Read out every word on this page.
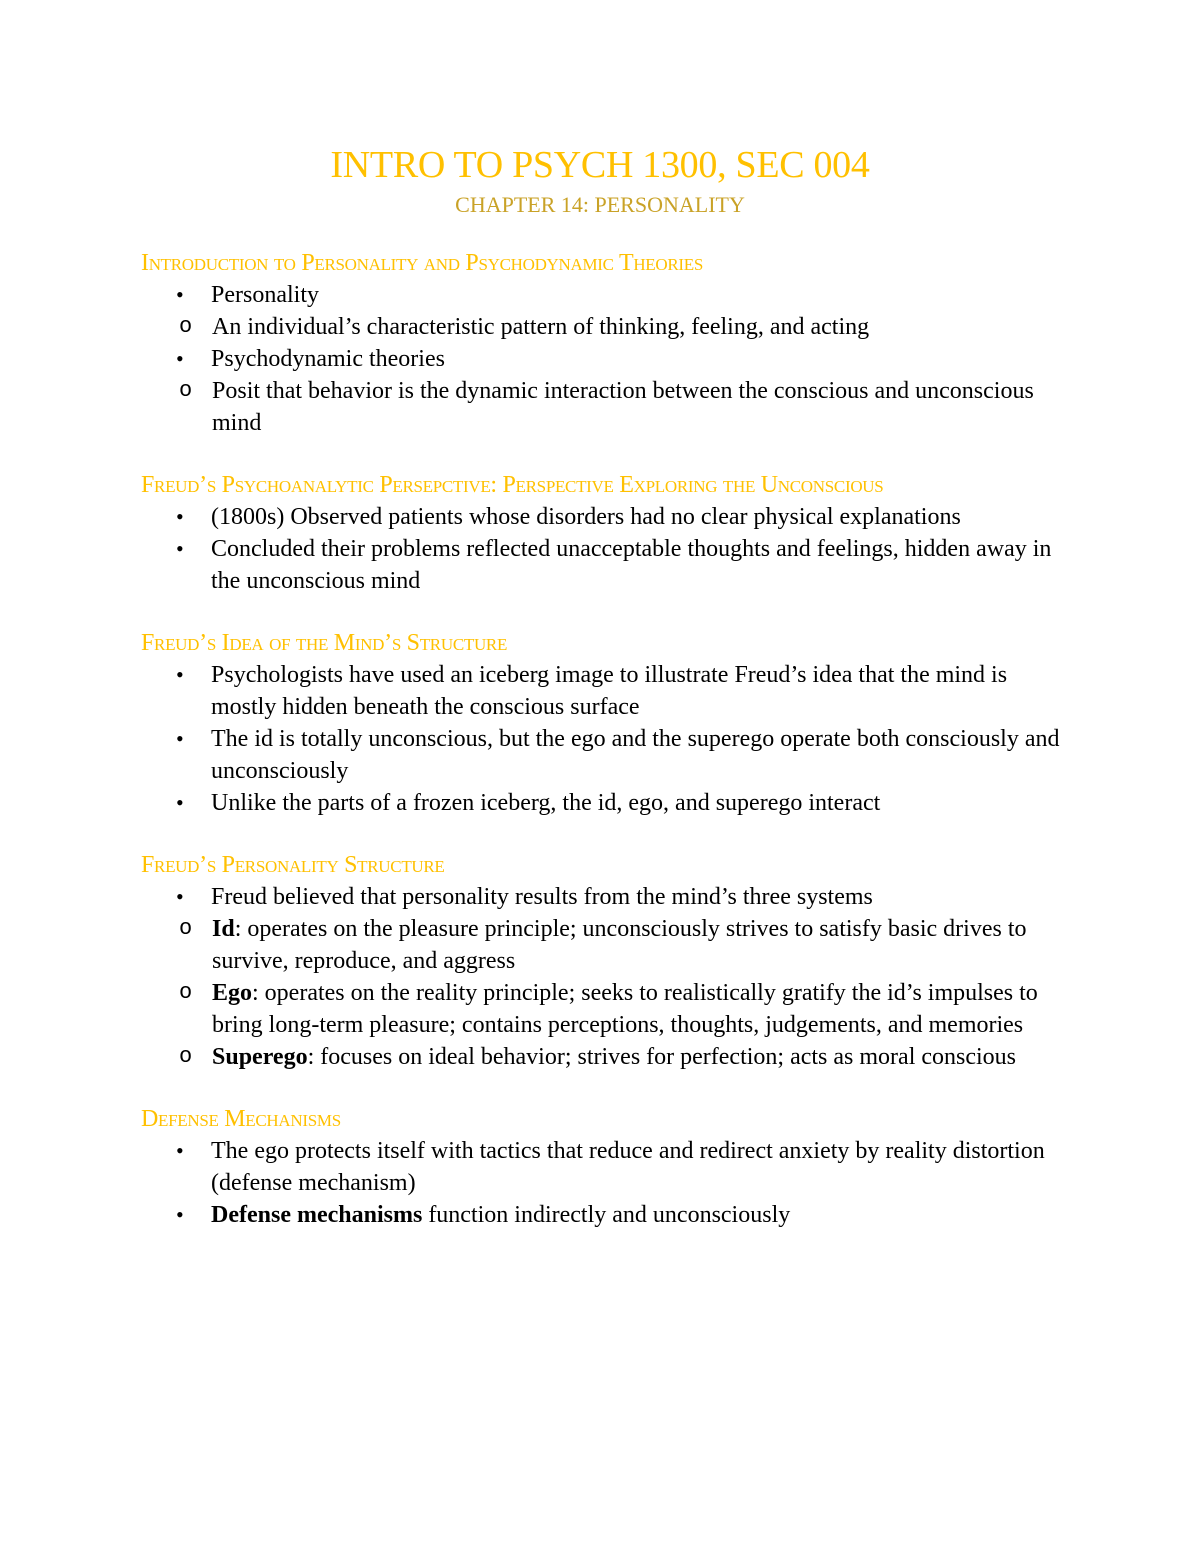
INTRO TO PSYCH 1300, SEC 004
CHAPTER 14: PERSONALITY
Introduction to Personality and Psychodynamic Theories
• Personality
o An individual’s characteristic pattern of thinking, feeling, and acting
• Psychodynamic theories
o Posit that behavior is the dynamic interaction between the conscious and unconscious mind
Freud’s Psychoanalytic Persepctive: Perspective Exploring the Unconscious
• (1800s) Observed patients whose disorders had no clear physical explanations
• Concluded their problems reflected unacceptable thoughts and feelings, hidden away in the unconscious mind
Freud’s Idea of the Mind’s Structure
• Psychologists have used an iceberg image to illustrate Freud’s idea that the mind is mostly hidden beneath the conscious surface
• The id is totally unconscious, but the ego and the superego operate both consciously and unconsciously
• Unlike the parts of a frozen iceberg, the id, ego, and superego interact
Freud’s Personality Structure
• Freud believed that personality results from the mind’s three systems
o Id: operates on the pleasure principle; unconsciously strives to satisfy basic drives to survive, reproduce, and aggress
o Ego: operates on the reality principle; seeks to realistically gratify the id’s impulses to bring long-term pleasure; contains perceptions, thoughts, judgements, and memories
o Superego: focuses on ideal behavior; strives for perfection; acts as moral conscious
Defense Mechanisms
• The ego protects itself with tactics that reduce and redirect anxiety by reality distortion (defense mechanism)
• Defense mechanisms function indirectly and unconsciously
